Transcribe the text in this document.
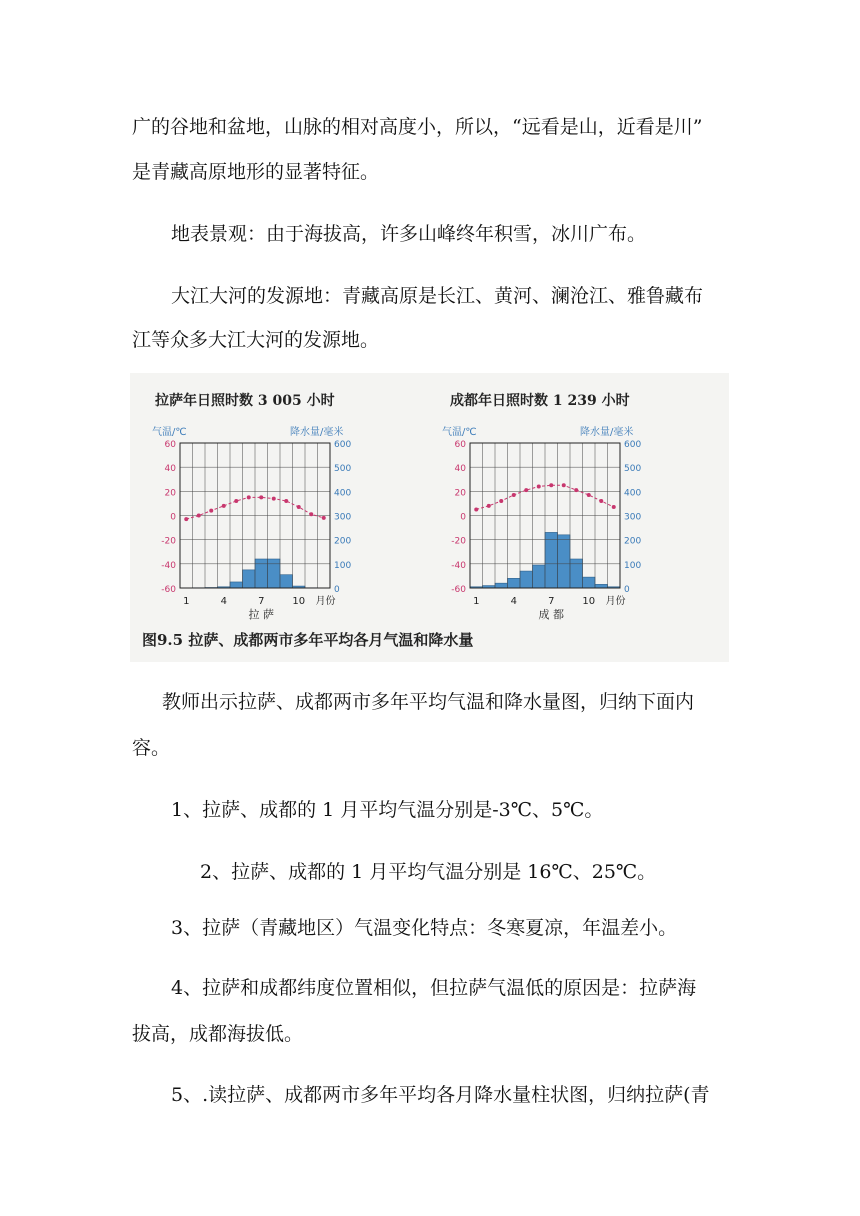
广的谷地和盆地，山脉的相对高度小，所以，“远看是山，近看是川”
是青藏高原地形的显著特征。
地表景观：由于海拔高，许多山峰终年积雪，冰川广布。
大江大河的发源地：青藏高原是长江、黄河、澜沧江、雅鲁藏布
江等众多大江大河的发源地。
拉萨年日照时数 3 005 小时
气温/℃	降水量/毫米
60
40
20
0
-20
-40
-60
600
500
400
300
200
100
0
1	4	7	10 月份
拉 萨
成都年日照时数 1 239 小时
气温/℃	降水量/毫米
60
40
20
0
-20
-40
-60
600
500
400
300
200
100
0
1	4	7	10 月份
成 都
图9.5 拉萨、成都两市多年平均各月气温和降水量
教师出示拉萨、成都两市多年平均气温和降水量图，归纳下面内
容。
1、拉萨、成都的 1 月平均气温分别是-3℃、5℃。
2、拉萨、成都的 1 月平均气温分别是 16℃、25℃。
3、拉萨（青藏地区）气温变化特点：冬寒夏凉，年温差小。
4、拉萨和成都纬度位置相似，但拉萨气温低的原因是：拉萨海
拔高，成都海拔低。
5、.读拉萨、成都两市多年平均各月降水量柱状图，归纳拉萨(青
